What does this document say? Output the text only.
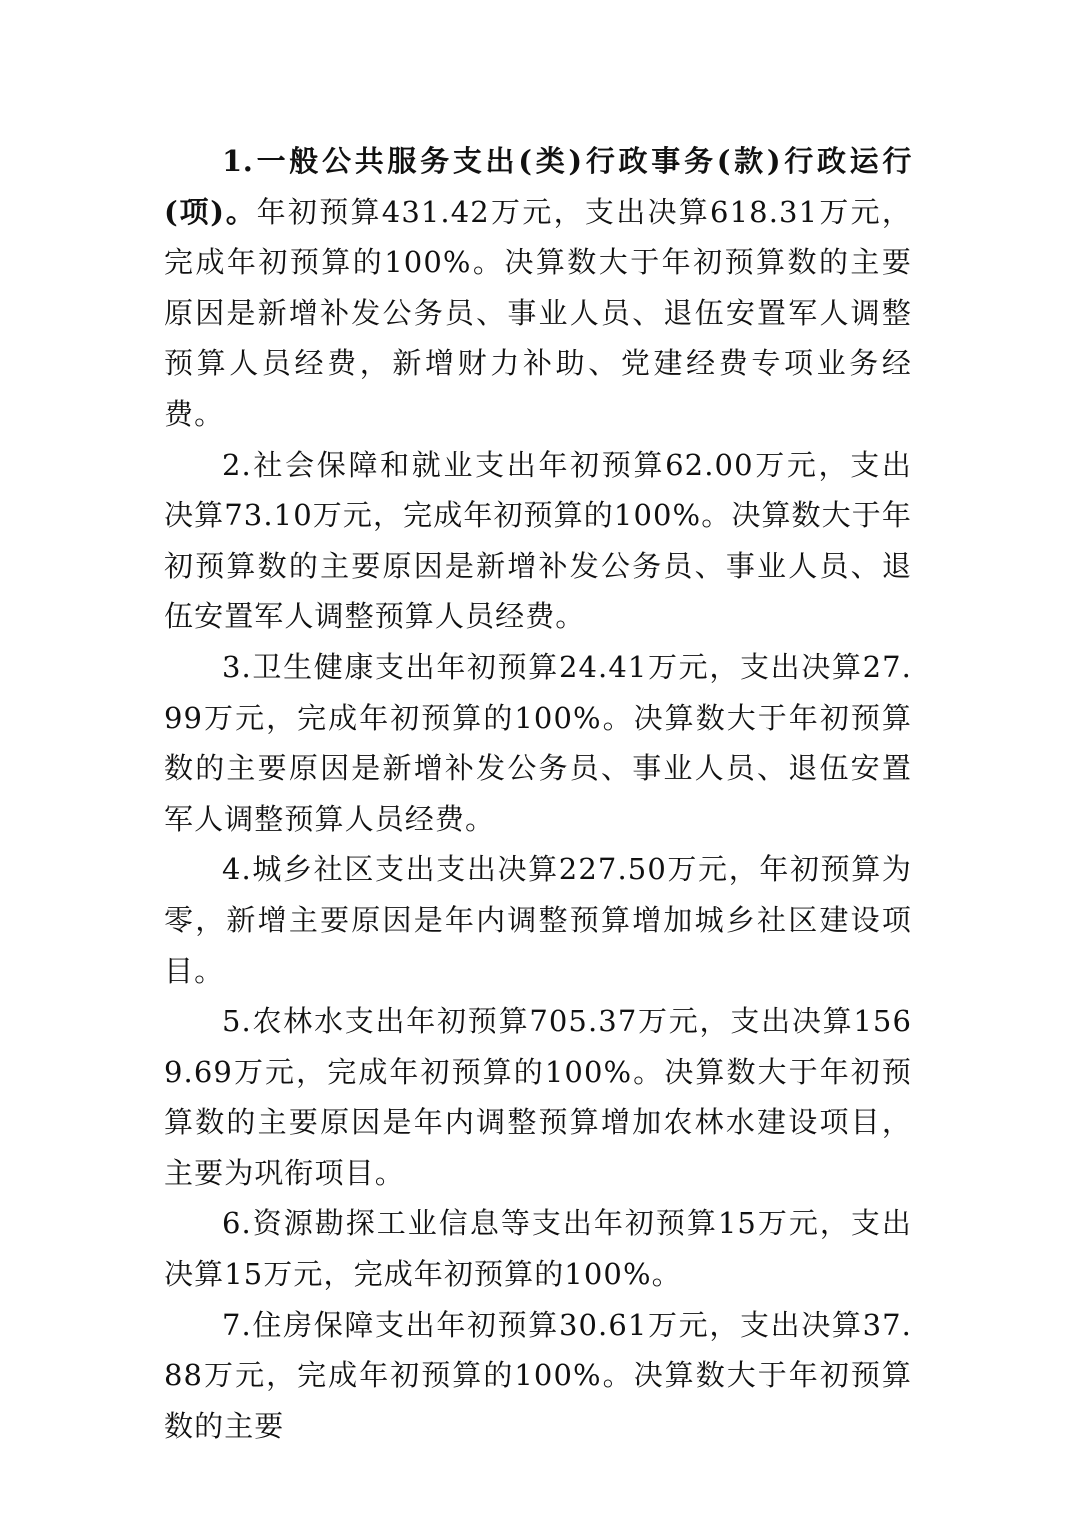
1.一般公共服务支出(类)行政事务(款)行政运行(项)。年初预算431.42万元，支出决算618.31万元，完成年初预算的100%。决算数大于年初预算数的主要原因是新增补发公务员、事业人员、退伍安置军人调整预算人员经费，新增财力补助、党建经费专项业务经费。

2.社会保障和就业支出年初预算62.00万元，支出决算73.10万元，完成年初预算的100%。决算数大于年初预算数的主要原因是新增补发公务员、事业人员、退伍安置军人调整预算人员经费。

3.卫生健康支出年初预算24.41万元，支出决算27.99万元，完成年初预算的100%。决算数大于年初预算数的主要原因是新增补发公务员、事业人员、退伍安置军人调整预算人员经费。

4.城乡社区支出支出决算227.50万元，年初预算为零，新增主要原因是年内调整预算增加城乡社区建设项目。

5.农林水支出年初预算705.37万元，支出决算1569.69万元，完成年初预算的100%。决算数大于年初预算数的主要原因是年内调整预算增加农林水建设项目，主要为巩衔项目。

6.资源勘探工业信息等支出年初预算15万元，支出决算15万元，完成年初预算的100%。

7.住房保障支出年初预算30.61万元，支出决算37.88万元，完成年初预算的100%。决算数大于年初预算数的主要
